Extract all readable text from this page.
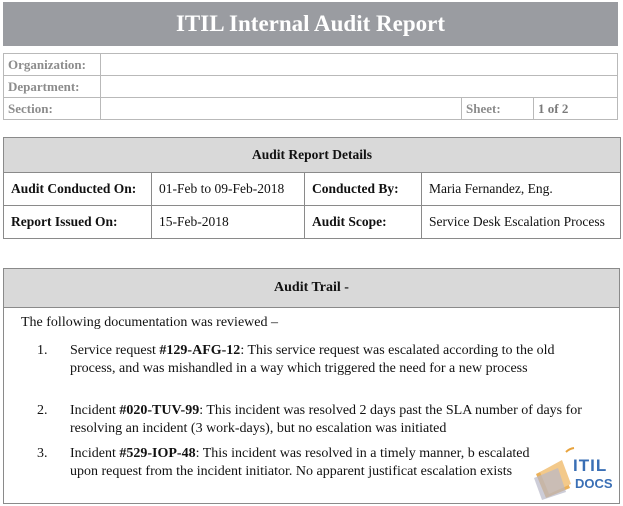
ITIL Internal Audit Report
Organization:			
Department:			
Section:		Sheet:	1 of 2
Audit Report Details			
Audit Conducted On:	01-Feb to 09-Feb-2018	Conducted By:	Maria Fernandez, Eng.
Report Issued On:	15-Feb-2018	Audit Scope:	Service Desk Escalation Process
Audit Trail -
The following documentation was reviewed –
1. Service request #129-AFG-12: This service request was escalated according to the old process, and was mishandled in a way which triggered the need for a new process
2. Incident #020-TUV-99: This incident was resolved 2 days past the SLA number of days for resolving an incident (3 work-days), but no escalation was initiated
3. Incident #529-IOP-48: This incident was resolved in a timely manner, b escalated upon request from the incident initiator. No apparent justificat escalation exists	ITIL
DOCS
